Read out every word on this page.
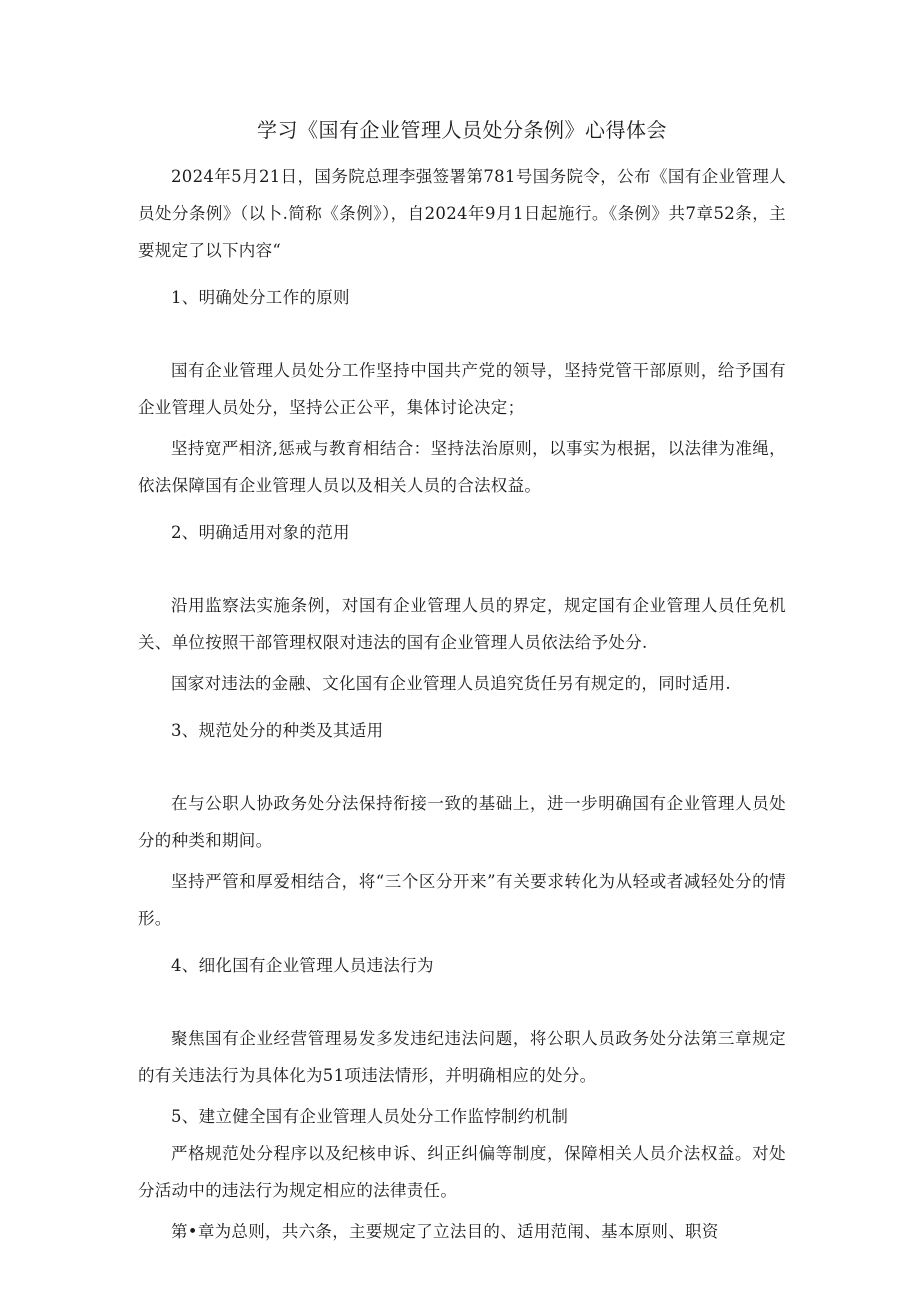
学习《国有企业管理人员处分条例》心得体会

2024年5月21日，国务院总理李强签署第781号国务院令，公布《国有企业管理人员处分条例》（以卜.简称《条例》），自2024年9月1日起施行。《条例》共7章52条，主要规定了以下内容“

1、明确处分工作的原则

国有企业管理人员处分工作坚持中国共产党的领导，坚持党管干部原则，给予国有企业管理人员处分，坚持公正公平，集体讨论决定；

坚持宽严相济,惩戒与教育相结合：坚持法治原则，以事实为根据，以法律为准绳，依法保障国有企业管理人员以及相关人员的合法权益。

2、明确适用对象的范用

沿用监察法实施条例，对国有企业管理人员的界定，规定国有企业管理人员任免机关、单位按照干部管理权限对违法的国有企业管理人员依法给予处分.

国家对违法的金融、文化国有企业管理人员追究货任另有规定的，同时适用.

3、规范处分的种类及其适用

在与公职人协政务处分法保持衔接一致的基础上，进一步明确国有企业管理人员处分的种类和期间。

坚持严管和厚爱相结合，将“三个区分开来”有关要求转化为从轻或者减轻处分的情形。

4、细化国有企业管理人员违法行为

聚焦国有企业经营管理易发多发违纪违法问题，将公职人员政务处分法第三章规定的有关违法行为具体化为51项违法情形，并明确相应的处分。

5、建立健全国有企业管理人员处分工作监悖制约机制

严格规范处分程序以及纪核申诉、纠正纠偏等制度，保障相关人员介法权益。对处分活动中的违法行为规定相应的法律责任。

第•章为总则，共六条，主要规定了立法目的、适用范闱、基本原则、职资
